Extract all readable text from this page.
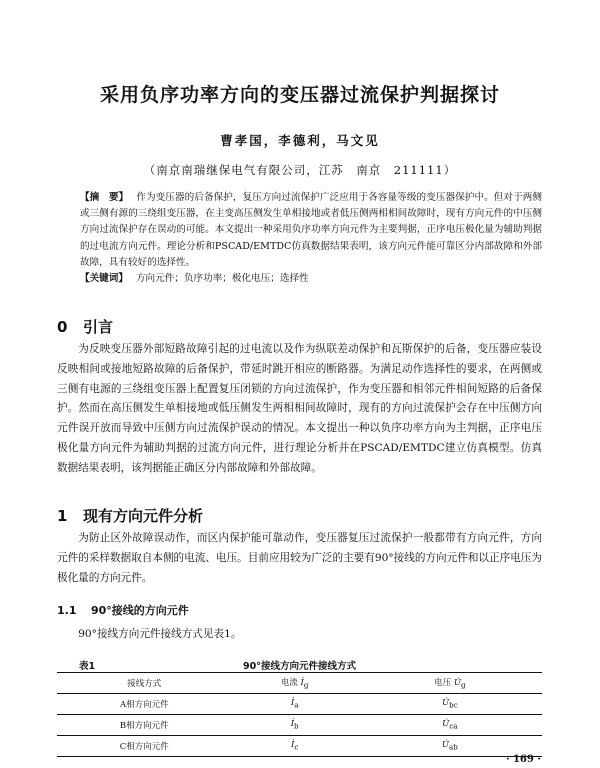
采用负序功率方向的变压器过流保护判据探讨
曹孝国，李德利，马文见
（南京南瑞继保电气有限公司，江苏　南京　211111）
【摘　要】 作为变压器的后备保护，复压方向过流保护广泛应用于各容量等级的变压器保护中。但对于两侧或三侧有源的三绕组变压器，在主变高压侧发生单相接地或者低压侧两相相间故障时，现有方向元件的中压侧方向过流保护存在误动的可能。本文提出一种采用负序功率方向元件为主要判据，正序电压极化量为辅助判据的过电流方向元件。理论分析和PSCAD/EMTDC仿真数据结果表明，该方向元件能可靠区分内部故障和外部故障，具有较好的选择性。
【关键词】 方向元件；负序功率；极化电压；选择性
0 引言
为反映变压器外部短路故障引起的过电流以及作为纵联差动保护和瓦斯保护的后备，变压器应装设反映相间或接地短路故障的后备保护，带延时跳开相应的断路器。为满足动作选择性的要求，在两侧或三侧有电源的三绕组变压器上配置复压闭锁的方向过流保护，作为变压器和相邻元件相间短路的后备保护。然而在高压侧发生单相接地或低压侧发生两相相间故障时，现有的方向过流保护会存在中压侧方向元件误开放而导致中压侧方向过流保护误动的情况。本文提出一种以负序功率方向为主判据，正序电压极化量方向元件为辅助判据的过流方向元件，进行理论分析并在PSCAD/EMTDC建立仿真模型。仿真数据结果表明，该判据能正确区分内部故障和外部故障。
1 现有方向元件分析
为防止区外故障误动作，而区内保护能可靠动作，变压器复压过流保护一般都带有方向元件，方向元件的采样数据取自本侧的电流、电压。目前应用较为广泛的主要有90°接线的方向元件和以正序电压为极化量的方向元件。
1.1 90°接线的方向元件
90°接线方向元件接线方式见表1。
表1	90°接线方向元件接线方式
接线方式	电流 $İ_g$	电压 $U̇_g$
A相方向元件	$İ_a$	$U̇_{bc}$
B相方向元件	$İ_b$	$U̇_{ca}$
C相方向元件	$İ_c$	$U̇_{ab}$
· 169 ·
